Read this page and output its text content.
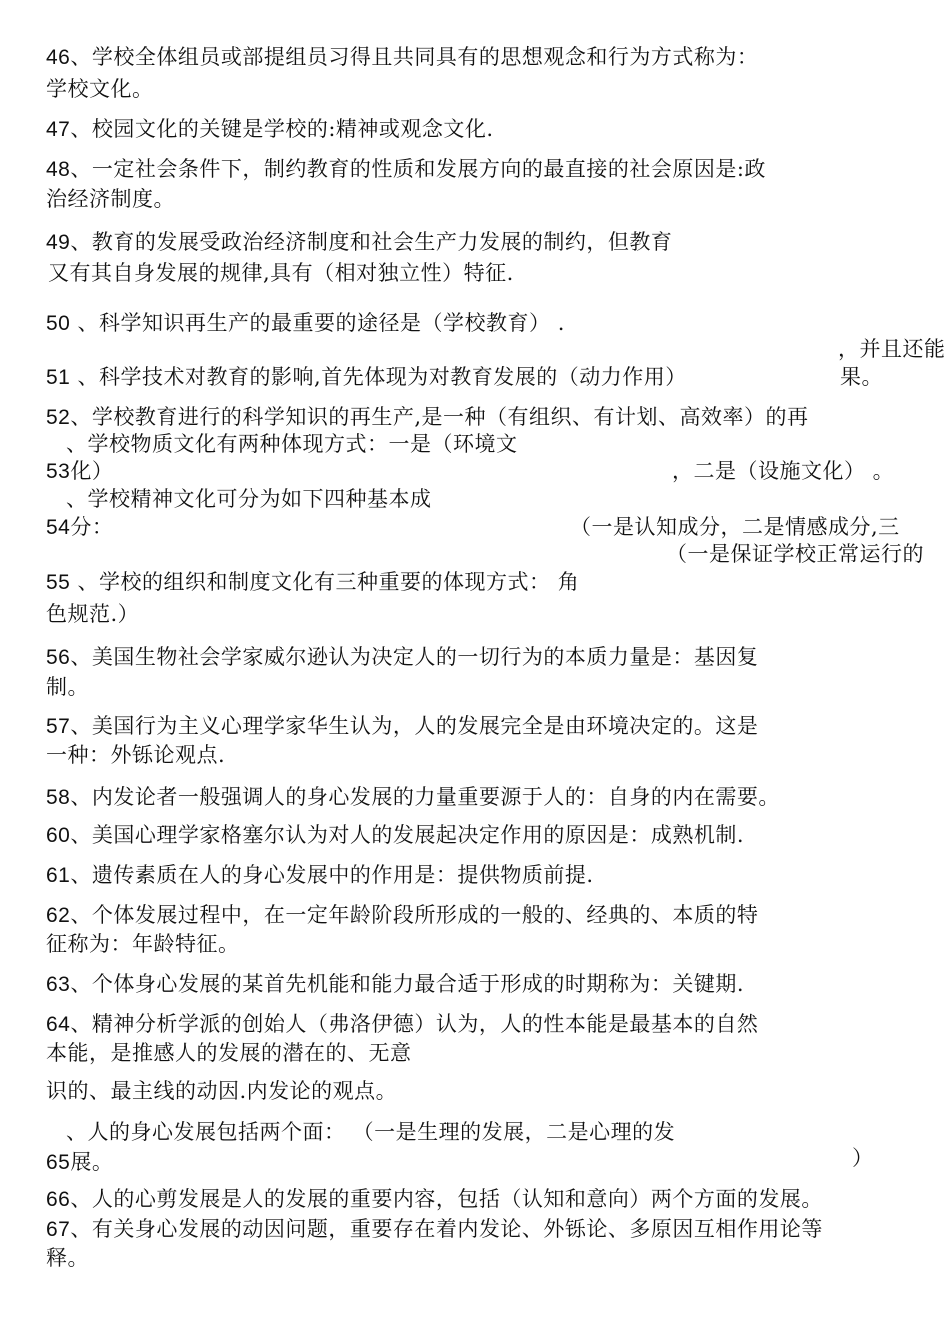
46、学校全体组员或部提组员习得且共同具有的思想观念和行为方式称为：
学校文化。
47、校园文化的关键是学校的:精神或观念文化.
48、一定社会条件下，制约教育的性质和发展方向的最直接的社会原因是:政
治经济制度。
49、教育的发展受政治经济制度和社会生产力发展的制约，但教育
又有其自身发展的规律,具有（相对独立性）特征.
50 、科学知识再生产的最重要的途径是（学校教育） .
，并且还能
51 、科学技术对教育的影响,首先体现为对教育发展的（动力作用）	果。
52、学校教育进行的科学知识的再生产,是一种（有组织、有计划、高效率）的再
、学校物质文化有两种体现方式：一是（环境文
53化）	，二是（设施文化） 。
、学校精神文化可分为如下四种基本成
54分：	（一是认知成分，二是情感成分,三
（一是保证学校正常运行的
55 、学校的组织和制度文化有三种重要的体现方式： 角
色规范.）
56、美国生物社会学家威尔逊认为决定人的一切行为的本质力量是：基因复
制。
57、美国行为主义心理学家华生认为，人的发展完全是由环境决定的。这是
一种：外铄论观点.
58、内发论者一般强调人的身心发展的力量重要源于人的：自身的内在需要。
60、美国心理学家格塞尔认为对人的发展起决定作用的原因是：成熟机制.
61、遗传素质在人的身心发展中的作用是：提供物质前提.
62、个体发展过程中，在一定年龄阶段所形成的一般的、经典的、本质的特
征称为：年龄特征。
63、个体身心发展的某首先机能和能力最合适于形成的时期称为：关键期.
64、精神分析学派的创始人（弗洛伊德）认为，人的性本能是最基本的自然
本能，是推感人的发展的潜在的、无意
识的、最主线的动因.内发论的观点。
、人的身心发展包括两个面： （一是生理的发展，二是心理的发
65展。	）
66、人的心剪发展是人的发展的重要内容，包括（认知和意向）两个方面的发展。
67、有关身心发展的动因问题，重要存在着内发论、外铄论、多原因互相作用论等
释。
